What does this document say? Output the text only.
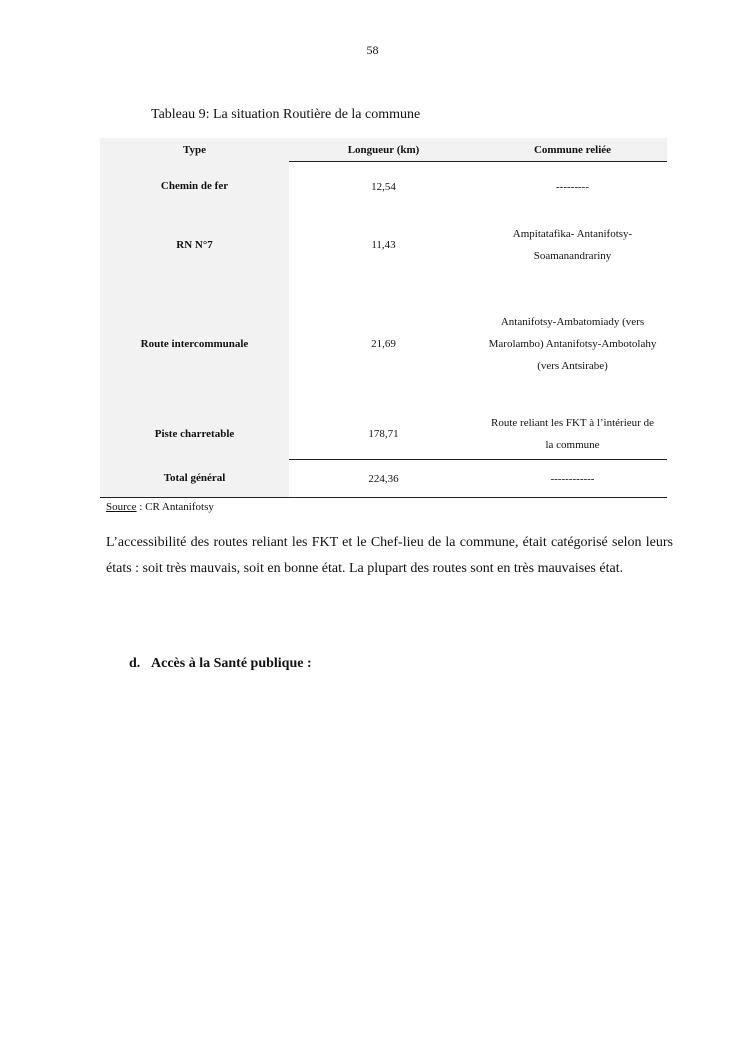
58
Tableau 9: La situation Routière de la commune
Type	Longueur (km)	Commune reliée
Chemin de fer	12,54	---------
RN N°7	11,43	Ampitatafika- Antanifotsy-Soamanandrariny
Route intercommunale	21,69	Antanifotsy-Ambatomiady (vers Marolambo) Antanifotsy-Ambotolahy (vers Antsirabe)
Piste charretable	178,71	Route reliant les FKT à l’intérieur de la commune
Total général	224,36	------------
Source : CR Antanifotsy
L’accessibilité des routes reliant les FKT et le Chef-lieu de la commune, était catégorisé selon leurs états : soit très mauvais, soit en bonne état. La plupart des routes sont en très mauvaises état.
d. Accès à la Santé publique :
